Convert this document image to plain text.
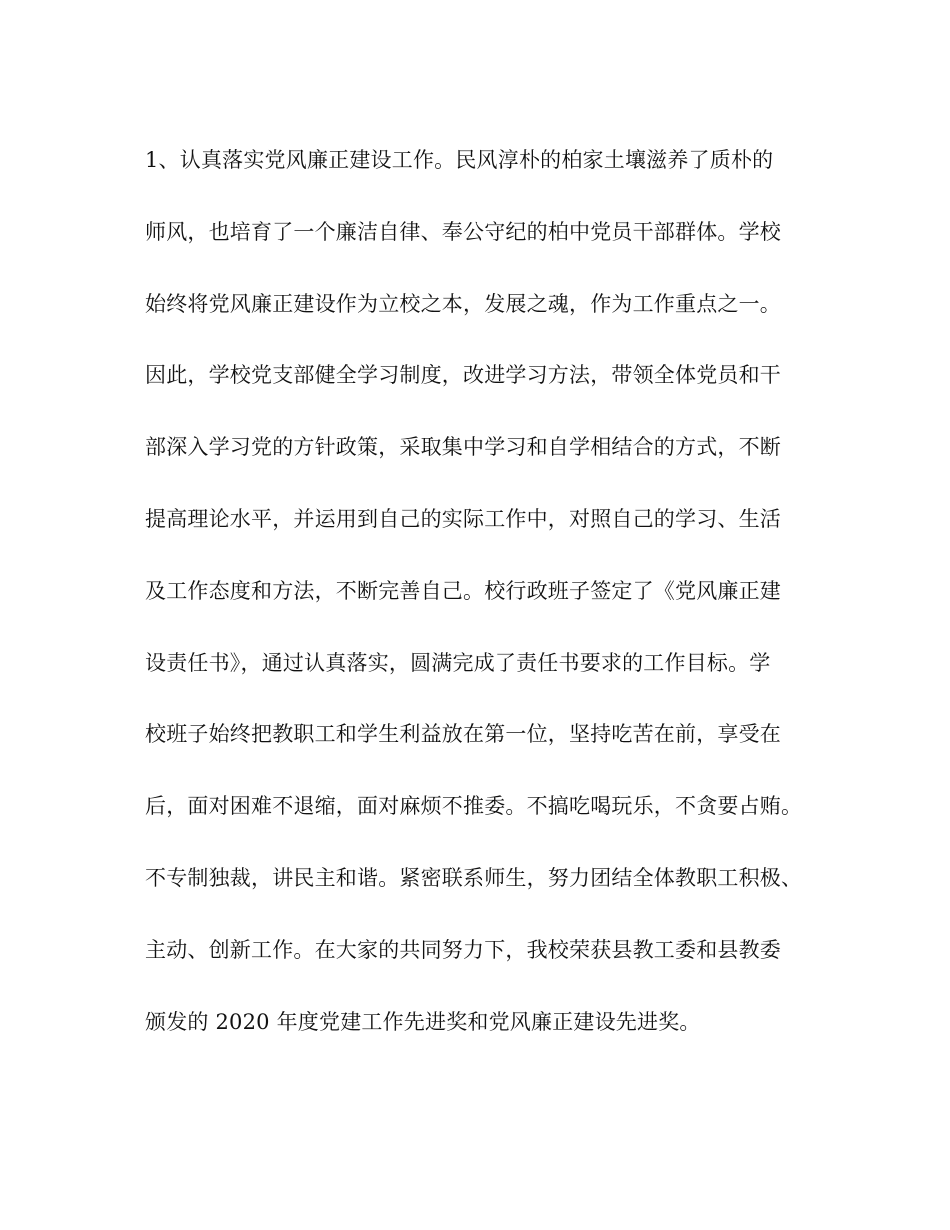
1、认真落实党风廉正建设工作。民风淳朴的柏家土壤滋养了质朴的
师风，也培育了一个廉洁自律、奉公守纪的柏中党员干部群体。学校
始终将党风廉正建设作为立校之本，发展之魂，作为工作重点之一。
因此，学校党支部健全学习制度，改进学习方法，带领全体党员和干
部深入学习党的方针政策，采取集中学习和自学相结合的方式，不断
提高理论水平，并运用到自己的实际工作中，对照自己的学习、生活
及工作态度和方法，不断完善自己。校行政班子签定了《党风廉正建
设责任书》，通过认真落实，圆满完成了责任书要求的工作目标。学
校班子始终把教职工和学生利益放在第一位，坚持吃苦在前，享受在
后，面对困难不退缩，面对麻烦不推委。不搞吃喝玩乐，不贪要占贿。
不专制独裁，讲民主和谐。紧密联系师生，努力团结全体教职工积极、
主动、创新工作。在大家的共同努力下，我校荣获县教工委和县教委
颁发的 2020 年度党建工作先进奖和党风廉正建设先进奖。
